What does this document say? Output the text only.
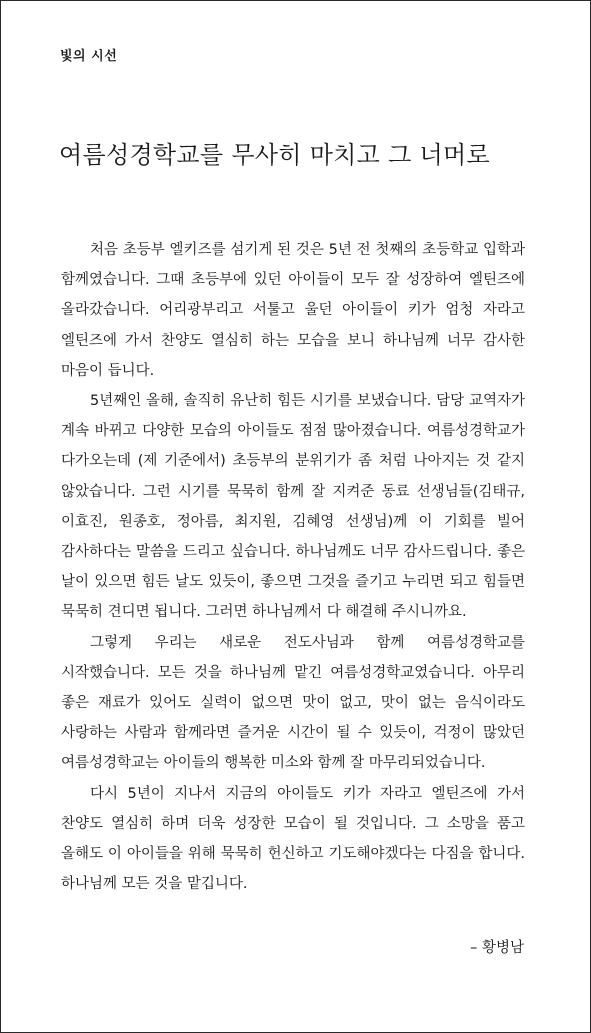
빛의 시선
여름성경학교를 무사히 마치고 그 너머로

처음 초등부 엘키즈를 섬기게 된 것은 5년 전 첫째의 초등학교 입학과 함께였습니다. 그때 초등부에 있던 아이들이 모두 잘 성장하여 엘틴즈에 올라갔습니다. 어리광부리고 서툴고 울던 아이들이 키가 엄청 자라고 엘틴즈에 가서 찬양도 열심히 하는 모습을 보니 하나님께 너무 감사한 마음이 듭니다.

5년째인 올해, 솔직히 유난히 힘든 시기를 보냈습니다. 담당 교역자가 계속 바뀌고 다양한 모습의 아이들도 점점 많아졌습니다. 여름성경학교가 다가오는데 (제 기준에서) 초등부의 분위기가 좀 처럼 나아지는 것 같지 않았습니다. 그런 시기를 묵묵히 함께 잘 지켜준 동료 선생님들(김태규, 이효진, 원종호, 정아름, 최지원, 김혜영 선생님)께 이 기회를 빌어 감사하다는 말씀을 드리고 싶습니다. 하나님께도 너무 감사드립니다. 좋은 날이 있으면 힘든 날도 있듯이, 좋으면 그것을 즐기고 누리면 되고 힘들면 묵묵히 견디면 됩니다. 그러면 하나님께서 다 해결해 주시니까요.

그렇게 우리는 새로운 전도사님과 함께 여름성경학교를 시작했습니다. 모든 것을 하나님께 맡긴 여름성경학교였습니다. 아무리 좋은 재료가 있어도 실력이 없으면 맛이 없고, 맛이 없는 음식이라도 사랑하는 사람과 함께라면 즐거운 시간이 될 수 있듯이, 걱정이 많았던 여름성경학교는 아이들의 행복한 미소와 함께 잘 마무리되었습니다.

다시 5년이 지나서 지금의 아이들도 키가 자라고 엘틴즈에 가서 찬양도 열심히 하며 더욱 성장한 모습이 될 것입니다. 그 소망을 품고 올해도 이 아이들을 위해 묵묵히 헌신하고 기도해야겠다는 다짐을 합니다. 하나님께 모든 것을 맡깁니다.

– 황병남
